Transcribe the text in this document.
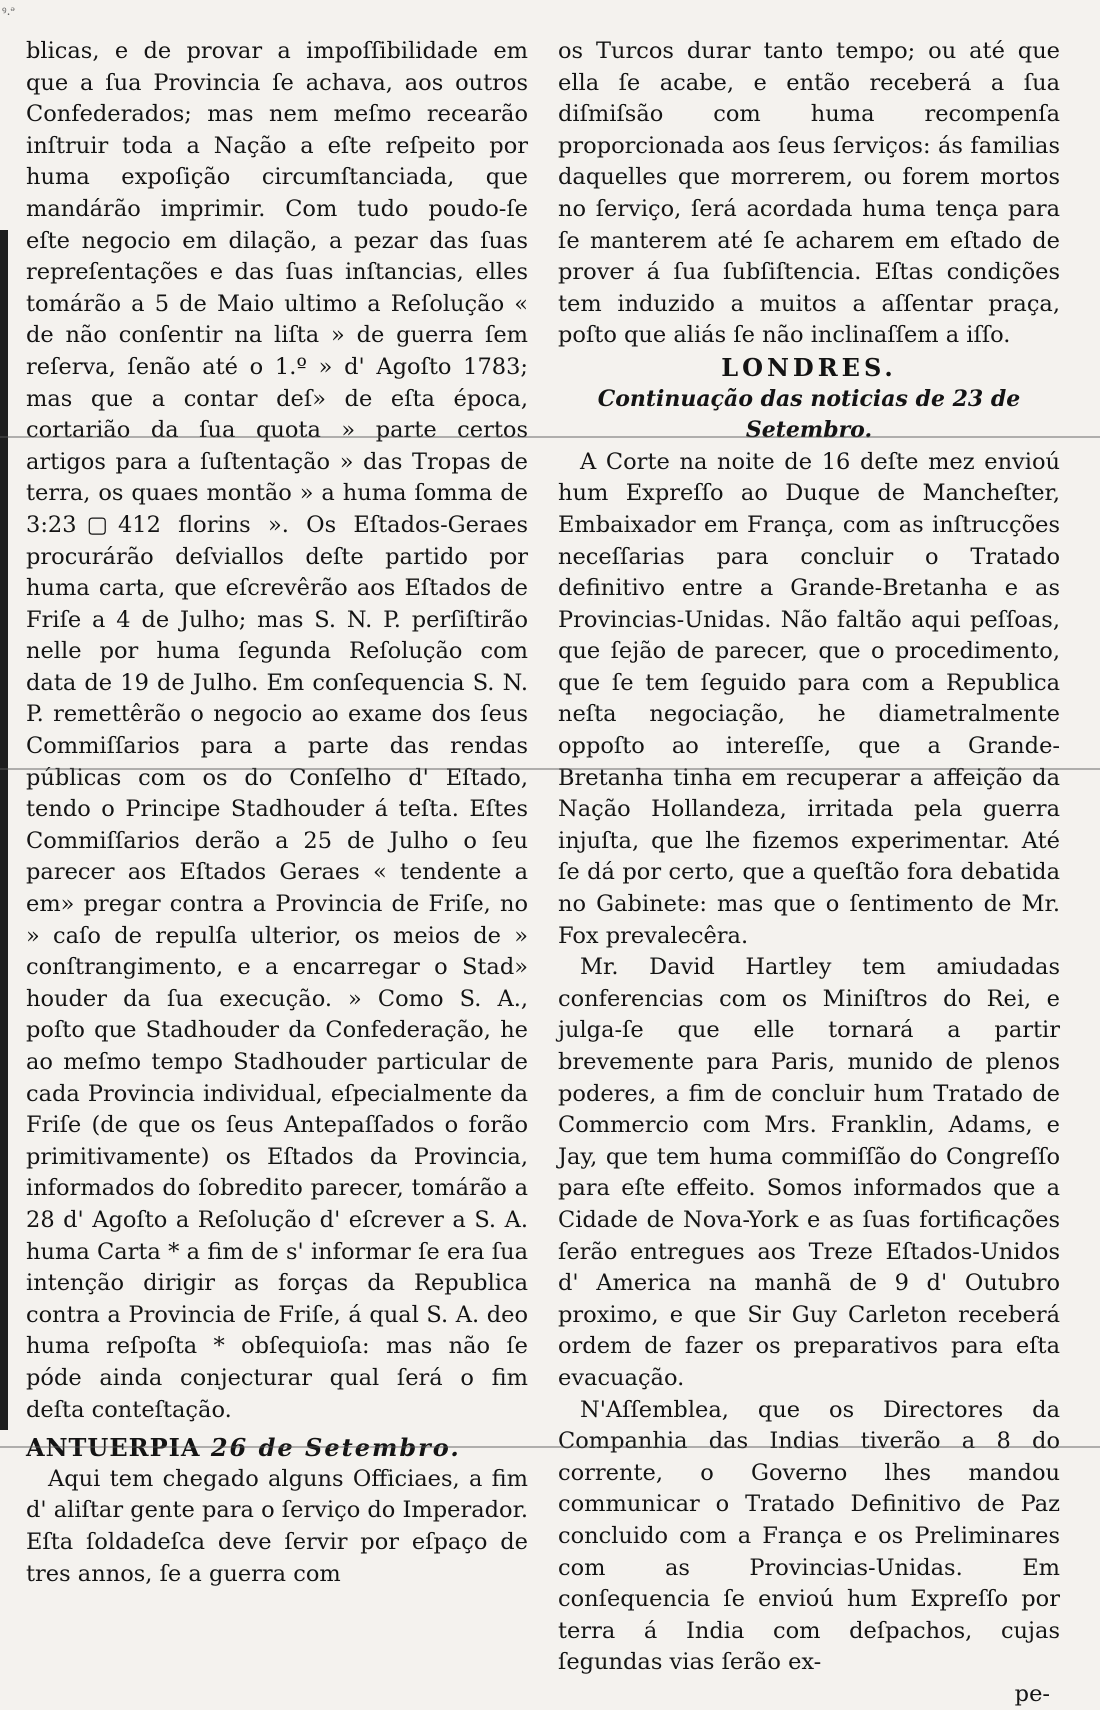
ꝰ.ᵊ

blicas, e de provar a impoſſibilidade em que a ſua Provincia ſe achava, aos outros Confederados; mas nem meſmo recearão inſtruir toda a Nação a eſte reſpeito por huma expoſição circumſtanciada, que mandárão imprimir. Com tudo poudo-ſe eſte negocio em dilação, a pezar das ſuas repreſentações e das ſuas inſtancias, elles tomárão a 5 de Maio ultimo a Reſolução « de não conſentir na liſta » de guerra ſem reſerva, ſenão até o 1.º » d' Agoſto 1783; mas que a contar deſ» de eſta época, cortarião da ſua quota » parte certos artigos para a ſuſtentação » das Tropas de terra, os quaes montão » a huma ſomma de 3:23▢412 florins ». Os Eſtados-Geraes procurárão deſviallos deſte partido por huma carta, que eſcrevêrão aos Eſtados de Friſe a 4 de Julho; mas S. N. P. perſiſtirão nelle por huma ſegunda Reſolução com data de 19 de Julho. Em conſequencia S. N. P. remettêrão o negocio ao exame dos ſeus Commiſſarios para a parte das rendas públicas com os do Conſelho d' Eſtado, tendo o Principe Stadhouder á teſta. Eſtes Commiſſarios derão a 25 de Julho o ſeu parecer aos Eſtados Geraes « tendente a em» pregar contra a Provincia de Friſe, no » caſo de repulſa ulterior, os meios de » conſtrangimento, e a encarregar o Stad» houder da ſua execução. » Como S. A., poſto que Stadhouder da Confederação, he ao meſmo tempo Stadhouder particular de cada Provincia individual, eſpecialmente da Friſe (de que os ſeus Antepaſſados o forão primitivamente) os Eſtados da Provincia, informados do ſobredito parecer, tomárão a 28 d' Agoſto a Reſolução d' eſcrever a S. A. huma Carta * a fim de s' informar ſe era ſua intenção dirigir as forças da Republica contra a Provincia de Friſe, á qual S. A. deo huma reſpoſta * obſequioſa: mas não ſe póde ainda conjecturar qual ſerá o fim deſta conteſtação.

ANTUERPIA 26 de Setembro.

Aqui tem chegado alguns Officiaes, a fim d' aliſtar gente para o ſerviço do Imperador. Eſta ſoldadeſca deve ſervir por eſpaço de tres annos, ſe a guerra com

os Turcos durar tanto tempo; ou até que ella ſe acabe, e então receberá a ſua diſmiſsão com huma recompenſa proporcionada aos ſeus ſerviços: ás familias daquelles que morrerem, ou forem mortos no ſerviço, ſerá acordada huma tença para ſe manterem até ſe acharem em eſtado de prover á ſua ſubſiſtencia. Eſtas condições tem induzido a muitos a aſſentar praça, poſto que aliás ſe não inclinaſſem a iſſo.

LONDRES.

Continuação das noticias de 23 de Setembro.

A Corte na noite de 16 deſte mez envioú hum Expreſſo ao Duque de Mancheſter, Embaixador em França, com as inſtrucções neceſſarias para concluir o Tratado definitivo entre a Grande-Bretanha e as Provincias-Unidas. Não faltão aqui peſſoas, que ſejão de parecer, que o procedimento, que ſe tem ſeguido para com a Republica neſta negociação, he diametralmente oppoſto ao intereſſe, que a Grande-Bretanha tinha em recuperar a affeição da Nação Hollandeza, irritada pela guerra injuſta, que lhe fizemos experimentar. Até ſe dá por certo, que a queſtão fora debatida no Gabinete: mas que o ſentimento de Mr. Fox prevalecêra.

Mr. David Hartley tem amiudadas conferencias com os Miniſtros do Rei, e julga-ſe que elle tornará a partir brevemente para Paris, munido de plenos poderes, a fim de concluir hum Tratado de Commercio com Mrs. Franklin, Adams, e Jay, que tem huma commiſſão do Congreſſo para eſte effeito. Somos informados que a Cidade de Nova-York e as ſuas fortificações ſerão entregues aos Treze Eſtados-Unidos d' America na manhã de 9 d' Outubro proximo, e que Sir Guy Carleton receberá ordem de fazer os preparativos para eſta evacuação.

N'Aſſemblea, que os Directores da Companhia das Indias tiverão a 8 do corrente, o Governo lhes mandou communicar o Tratado Definitivo de Paz concluido com a França e os Preliminares com as Provincias-Unidas. Em conſequencia ſe envioú hum Expreſſo por terra á India com deſpachos, cujas ſegundas vias ſerão ex-

pe-
